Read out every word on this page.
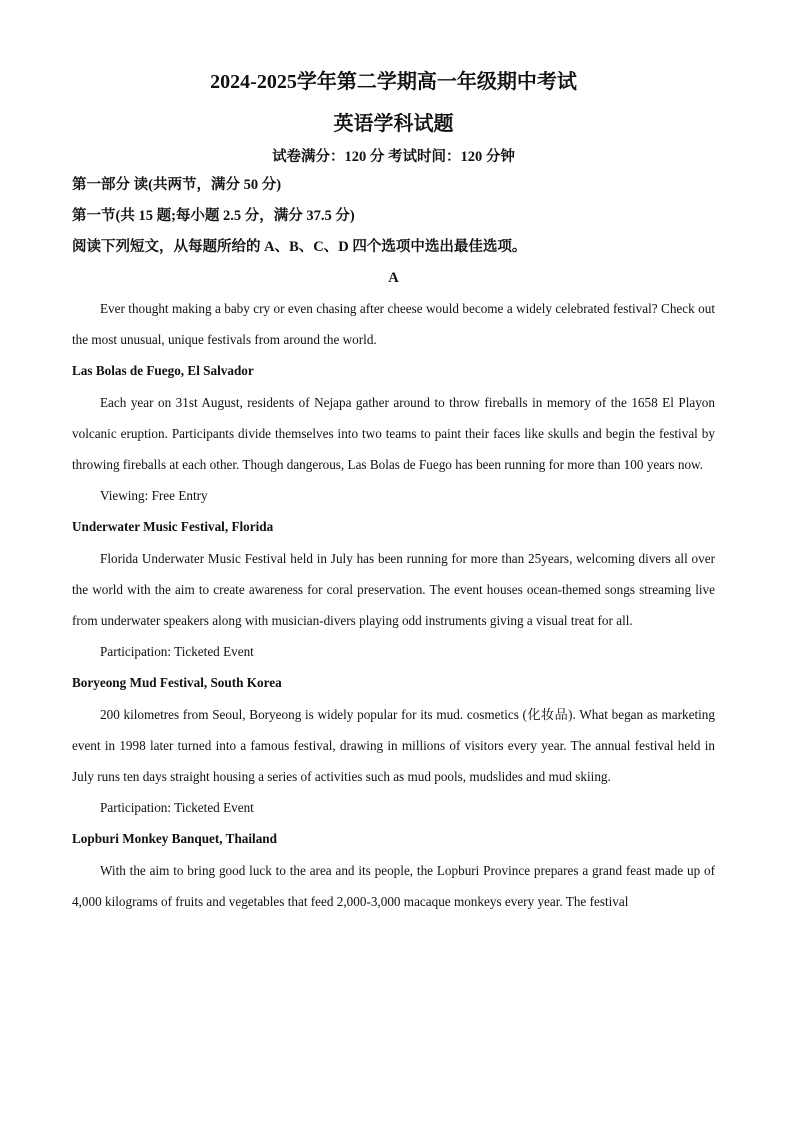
2024-2025学年第二学期高一年级期中考试
英语学科试题

试卷满分：120 分 考试时间：120 分钟

第一部分 读(共两节，满分 50 分)

第一节(共 15 题;每小题 2.5 分，满分 37.5 分)

阅读下列短文，从每题所给的 A、B、C、D 四个选项中选出最佳选项。

A

Ever thought making a baby cry or even chasing after cheese would become a widely celebrated festival? Check out the most unusual, unique festivals from around the world.

Las Bolas de Fuego, El Salvador

Each year on 31st August, residents of Nejapa gather around to throw fireballs in memory of the 1658 El Playon volcanic eruption. Participants divide themselves into two teams to paint their faces like skulls and begin the festival by throwing fireballs at each other. Though dangerous, Las Bolas de Fuego has been running for more than 100 years now.

Viewing: Free Entry

Underwater Music Festival, Florida

Florida Underwater Music Festival held in July has been running for more than 25years, welcoming divers all over the world with the aim to create awareness for coral preservation. The event houses ocean-themed songs streaming live from underwater speakers along with musician-divers playing odd instruments giving a visual treat for all.

Participation: Ticketed Event

Boryeong Mud Festival, South Korea

200 kilometres from Seoul, Boryeong is widely popular for its mud. cosmetics (化妆品). What began as marketing event in 1998 later turned into a famous festival, drawing in millions of visitors every year. The annual festival held in July runs ten days straight housing a series of activities such as mud pools, mudslides and mud skiing.

Participation: Ticketed Event

Lopburi Monkey Banquet, Thailand

With the aim to bring good luck to the area and its people, the Lopburi Province prepares a grand feast made up of 4,000 kilograms of fruits and vegetables that feed 2,000-3,000 macaque monkeys every year. The festival
